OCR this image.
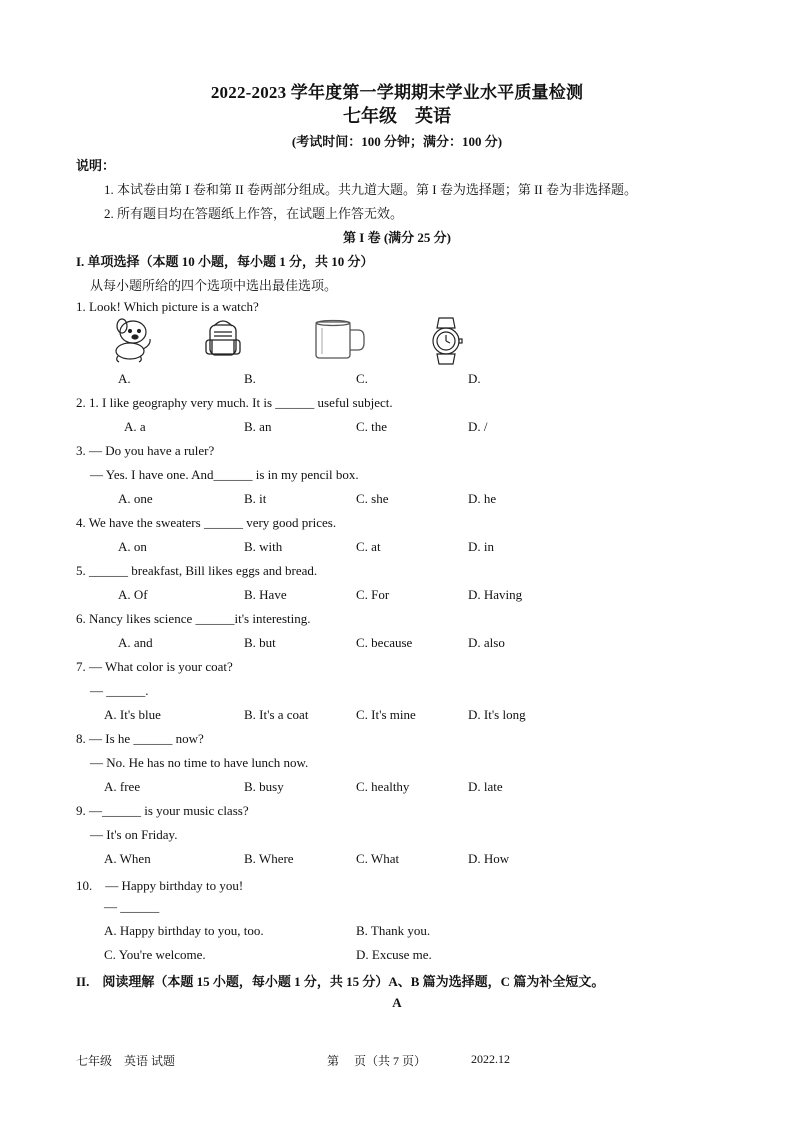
2022-2023 学年度第一学期期末学业水平质量检测
七年级　英语
(考试时间：100 分钟；满分：100 分)
说明：
1. 本试卷由第 I 卷和第 II 卷两部分组成。共九道大题。第 I 卷为选择题；第 II 卷为非选择题。
2. 所有题目均在答题纸上作答，在试题上作答无效。
第 I 卷 (满分 25 分)
I. 单项选择（本题 10 小题，每小题 1 分，共 10 分）
从每小题所给的四个选项中选出最佳选项。
1. Look! Which picture is a watch?
A.	B.	C.	D.
2. 1. I like geography very much. It is ______ useful subject.
A. a	B. an	C. the	D. /
3. — Do you have a ruler?
— Yes. I have one. And______ is in my pencil box.
A. one	B. it	C. she	D. he
4. We have the sweaters ______ very good prices.
A. on	B. with	C. at	D. in
5. ______ breakfast, Bill likes eggs and bread.
A. Of	B. Have	C. For	D. Having
6. Nancy likes science ______it's interesting.
A. and	B. but	C. because	D. also
7. — What color is your coat?
— ______.
A. It's blue	B. It's a coat	C. It's mine	D. It's long
8. — Is he ______ now?
— No. He has no time to have lunch now.
A. free	B. busy	C. healthy	D. late
9. —______ is your music class?
— It's on Friday.
A. When	B. Where	C. What	D. How
10.　— Happy birthday to you!
— ______
A. Happy birthday to you, too.	B. Thank you.
C. You're welcome.	D. Excuse me.
II.　阅读理解（本题 15 小题，每小题 1 分，共 15 分）A、B 篇为选择题，C 篇为补全短文。
A
七年级　英语 试题	第　 页（共 7 页）	2022.12
